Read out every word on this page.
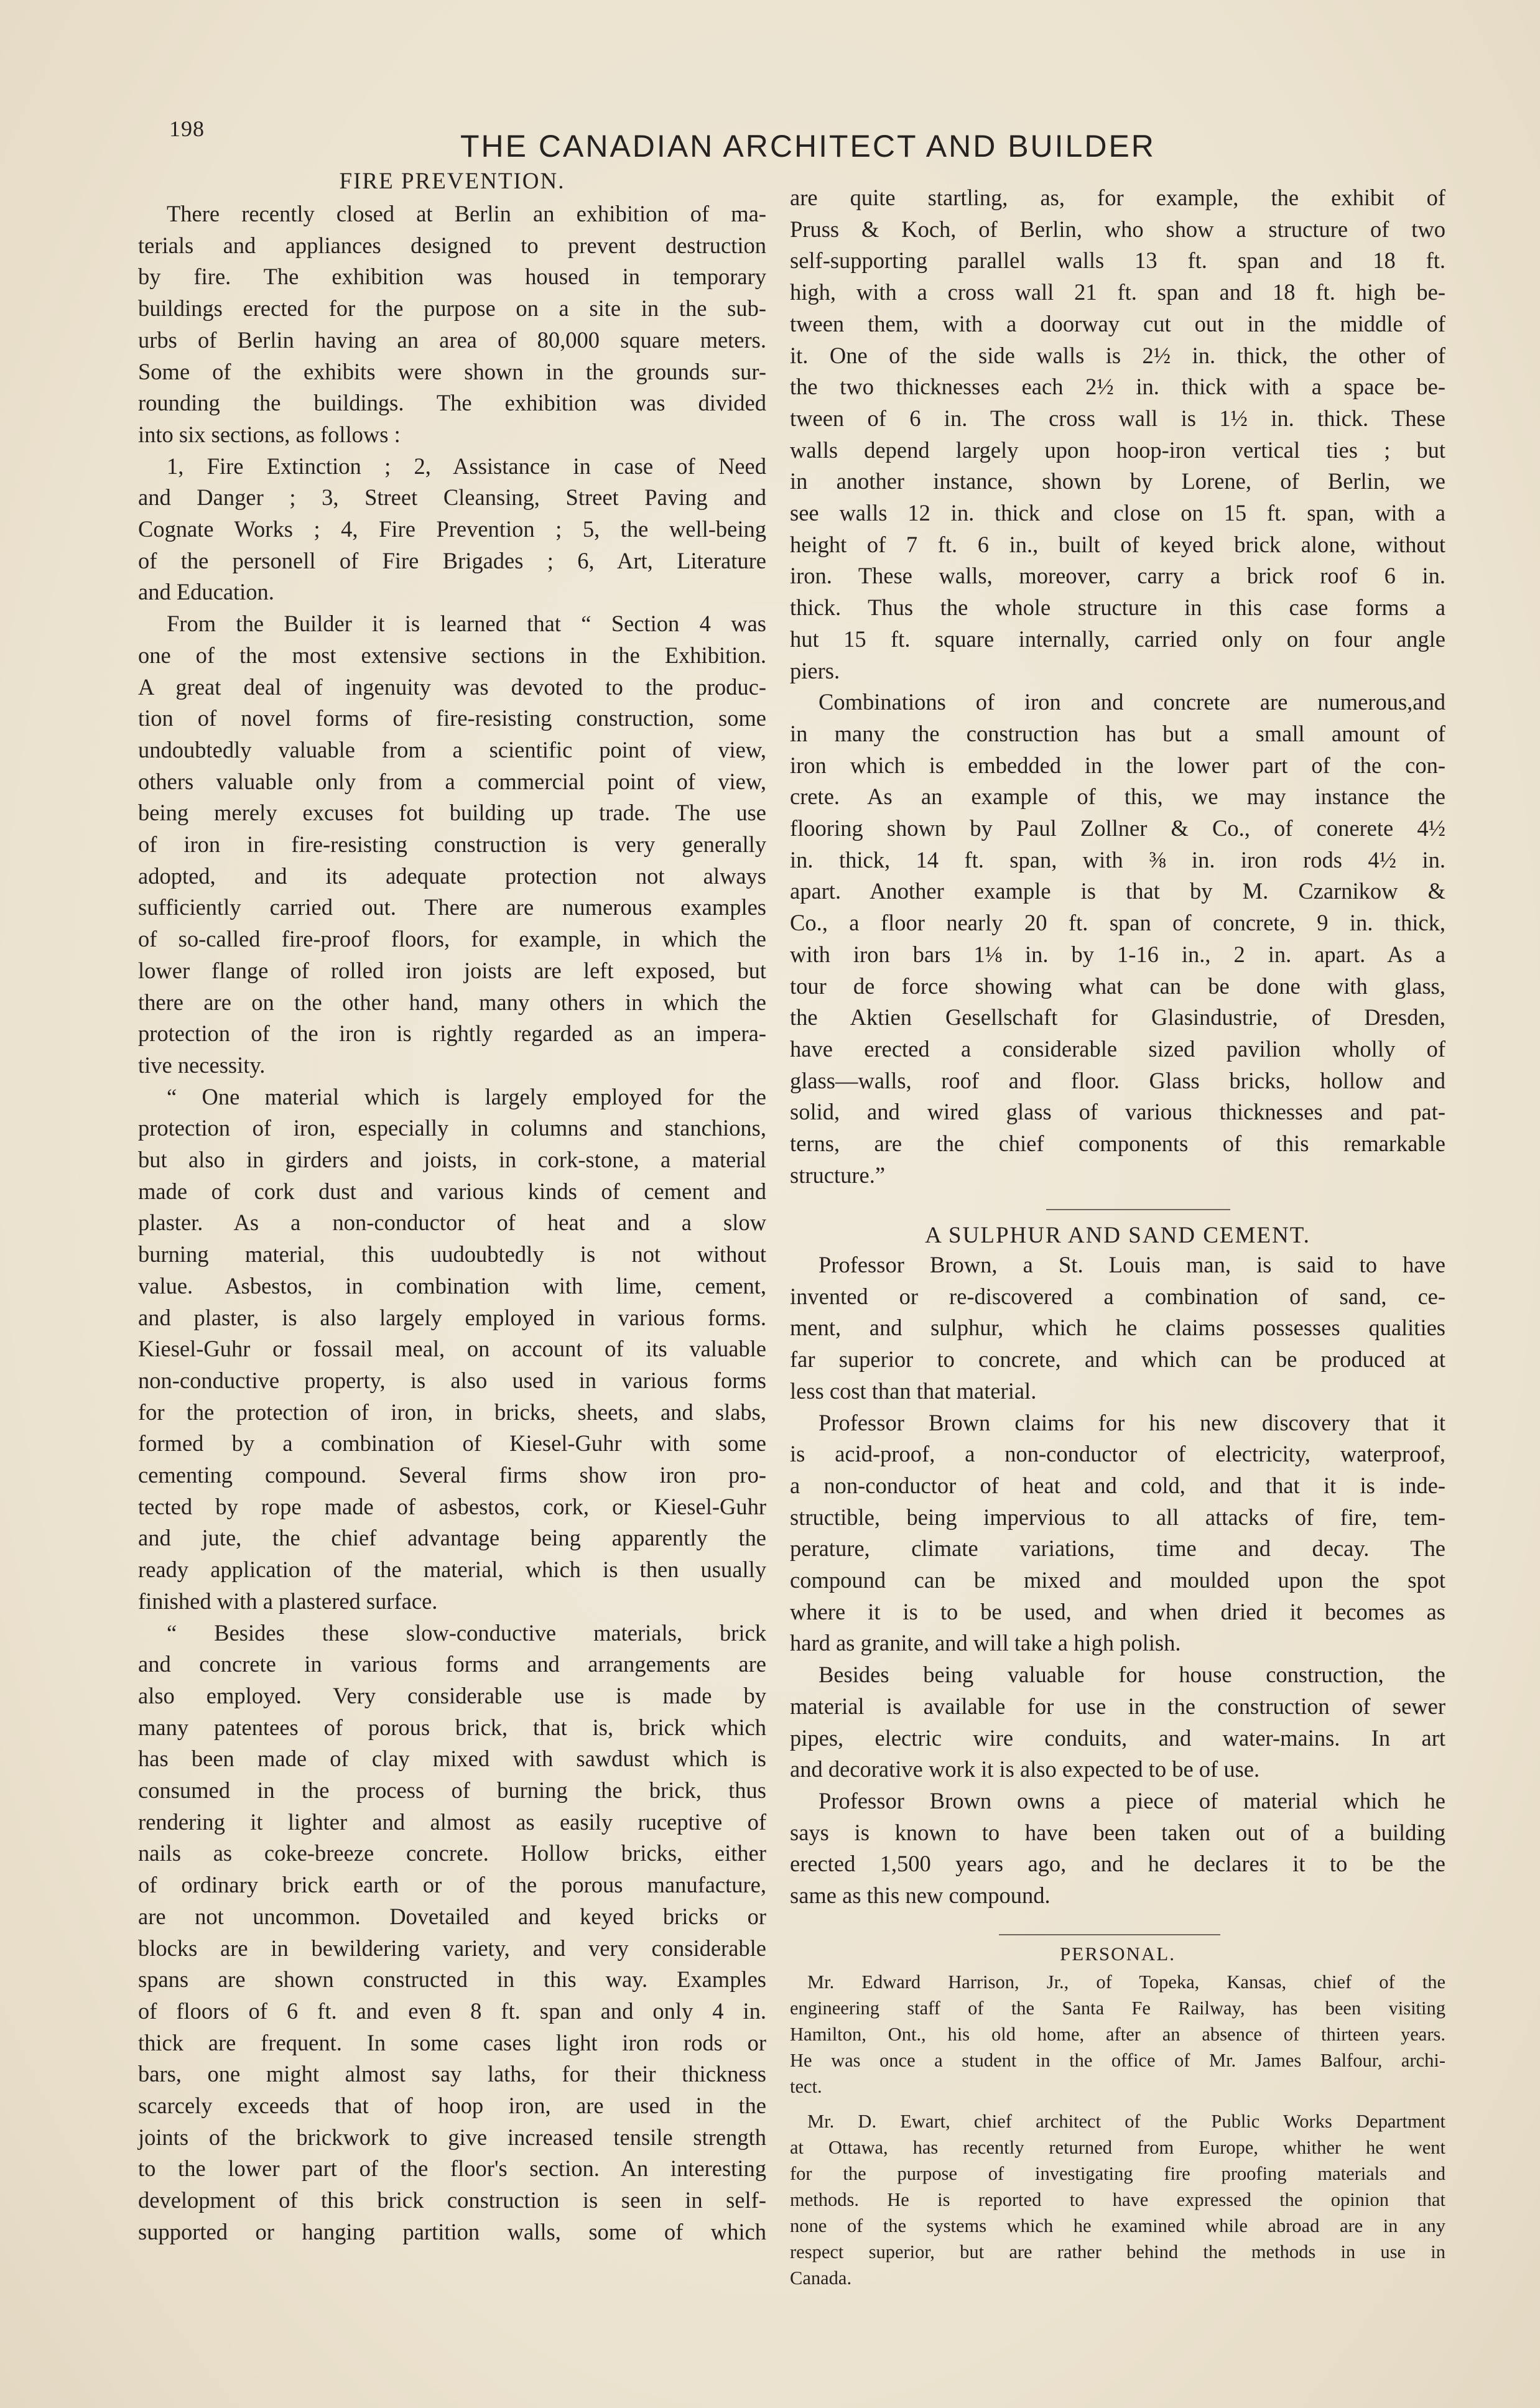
198	THE CANADIAN ARCHITECT AND BUILDER
FIRE PREVENTION.
There recently closed at Berlin an exhibition of ma-
terials and appliances designed to prevent destruction
by fire. The exhibition was housed in temporary
buildings erected for the purpose on a site in the sub-
urbs of Berlin having an area of 80,000 square meters.
Some of the exhibits were shown in the grounds sur-
rounding the buildings. The exhibition was divided
into six sections, as follows :
1, Fire Extinction ; 2, Assistance in case of Need
and Danger ; 3, Street Cleansing, Street Paving and
Cognate Works ; 4, Fire Prevention ; 5, the well-being
of the personell of Fire Brigades ; 6, Art, Literature
and Education.
From the Builder it is learned that “ Section 4 was
one of the most extensive sections in the Exhibition.
A great deal of ingenuity was devoted to the produc-
tion of novel forms of fire-resisting construction, some
undoubtedly valuable from a scientific point of view,
others valuable only from a commercial point of view,
being merely excuses fot building up trade. The use
of iron in fire-resisting construction is very generally
adopted, and its adequate protection not always
sufficiently carried out. There are numerous examples
of so-called fire-proof floors, for example, in which the
lower flange of rolled iron joists are left exposed, but
there are on the other hand, many others in which the
protection of the iron is rightly regarded as an impera-
tive necessity.
“ One material which is largely employed for the
protection of iron, especially in columns and stanchions,
but also in girders and joists, in cork-stone, a material
made of cork dust and various kinds of cement and
plaster. As a non-conductor of heat and a slow
burning material, this uudoubtedly is not without
value. Asbestos, in combination with lime, cement,
and plaster, is also largely employed in various forms.
Kiesel-Guhr or fossail meal, on account of its valuable
non-conductive property, is also used in various forms
for the protection of iron, in bricks, sheets, and slabs,
formed by a combination of Kiesel-Guhr with some
cementing compound. Several firms show iron pro-
tected by rope made of asbestos, cork, or Kiesel-Guhr
and jute, the chief advantage being apparently the
ready application of the material, which is then usually
finished with a plastered surface.
“ Besides these slow-conductive materials, brick
and concrete in various forms and arrangements are
also employed. Very considerable use is made by
many patentees of porous brick, that is, brick which
has been made of clay mixed with sawdust which is
consumed in the process of burning the brick, thus
rendering it lighter and almost as easily ruceptive of
nails as coke-breeze concrete. Hollow bricks, either
of ordinary brick earth or of the porous manufacture,
are not uncommon. Dovetailed and keyed bricks or
blocks are in bewildering variety, and very considerable
spans are shown constructed in this way. Examples
of floors of 6 ft. and even 8 ft. span and only 4 in.
thick are frequent. In some cases light iron rods or
bars, one might almost say laths, for their thickness
scarcely exceeds that of hoop iron, are used in the
joints of the brickwork to give increased tensile strength
to the lower part of the floor's section. An interesting
development of this brick construction is seen in self-
supported or hanging partition walls, some of which
are quite startling, as, for example, the exhibit of
Pruss & Koch, of Berlin, who show a structure of two
self-supporting parallel walls 13 ft. span and 18 ft.
high, with a cross wall 21 ft. span and 18 ft. high be-
tween them, with a doorway cut out in the middle of
it. One of the side walls is 2½ in. thick, the other of
the two thicknesses each 2½ in. thick with a space be-
tween of 6 in. The cross wall is 1½ in. thick. These
walls depend largely upon hoop-iron vertical ties ; but
in another instance, shown by Lorene, of Berlin, we
see walls 12 in. thick and close on 15 ft. span, with a
height of 7 ft. 6 in., built of keyed brick alone, without
iron. These walls, moreover, carry a brick roof 6 in.
thick. Thus the whole structure in this case forms a
hut 15 ft. square internally, carried only on four angle
piers.
Combinations of iron and concrete are numerous,and
in many the construction has but a small amount of
iron which is embedded in the lower part of the con-
crete. As an example of this, we may instance the
flooring shown by Paul Zollner & Co., of conerete 4½
in. thick, 14 ft. span, with ⅜ in. iron rods 4½ in.
apart. Another example is that by M. Czarnikow &
Co., a floor nearly 20 ft. span of concrete, 9 in. thick,
with iron bars 1⅛ in. by 1-16 in., 2 in. apart. As a
tour de force showing what can be done with glass,
the Aktien Gesellschaft for Glasindustrie, of Dresden,
have erected a considerable sized pavilion wholly of
glass—walls, roof and floor. Glass bricks, hollow and
solid, and wired glass of various thicknesses and pat-
terns, are the chief components of this remarkable
structure.”
A SULPHUR AND SAND CEMENT.
Professor Brown, a St. Louis man, is said to have
invented or re-discovered a combination of sand, ce-
ment, and sulphur, which he claims possesses qualities
far superior to concrete, and which can be produced at
less cost than that material.
Professor Brown claims for his new discovery that it
is acid-proof, a non-conductor of electricity, waterproof,
a non-conductor of heat and cold, and that it is inde-
structible, being impervious to all attacks of fire, tem-
perature, climate variations, time and decay. The
compound can be mixed and moulded upon the spot
where it is to be used, and when dried it becomes as
hard as granite, and will take a high polish.
Besides being valuable for house construction, the
material is available for use in the construction of sewer
pipes, electric wire conduits, and water-mains. In art
and decorative work it is also expected to be of use.
Professor Brown owns a piece of material which he
says is known to have been taken out of a building
erected 1,500 years ago, and he declares it to be the
same as this new compound.
PERSONAL.
Mr. Edward Harrison, Jr., of Topeka, Kansas, chief of the
engineering staff of the Santa Fe Railway, has been visiting
Hamilton, Ont., his old home, after an absence of thirteen years.
He was once a student in the office of Mr. James Balfour, archi-
tect.
Mr. D. Ewart, chief architect of the Public Works Department
at Ottawa, has recently returned from Europe, whither he went
for the purpose of investigating fire proofing materials and
methods. He is reported to have expressed the opinion that
none of the systems which he examined while abroad are in any
respect superior, but are rather behind the methods in use in
Canada.
